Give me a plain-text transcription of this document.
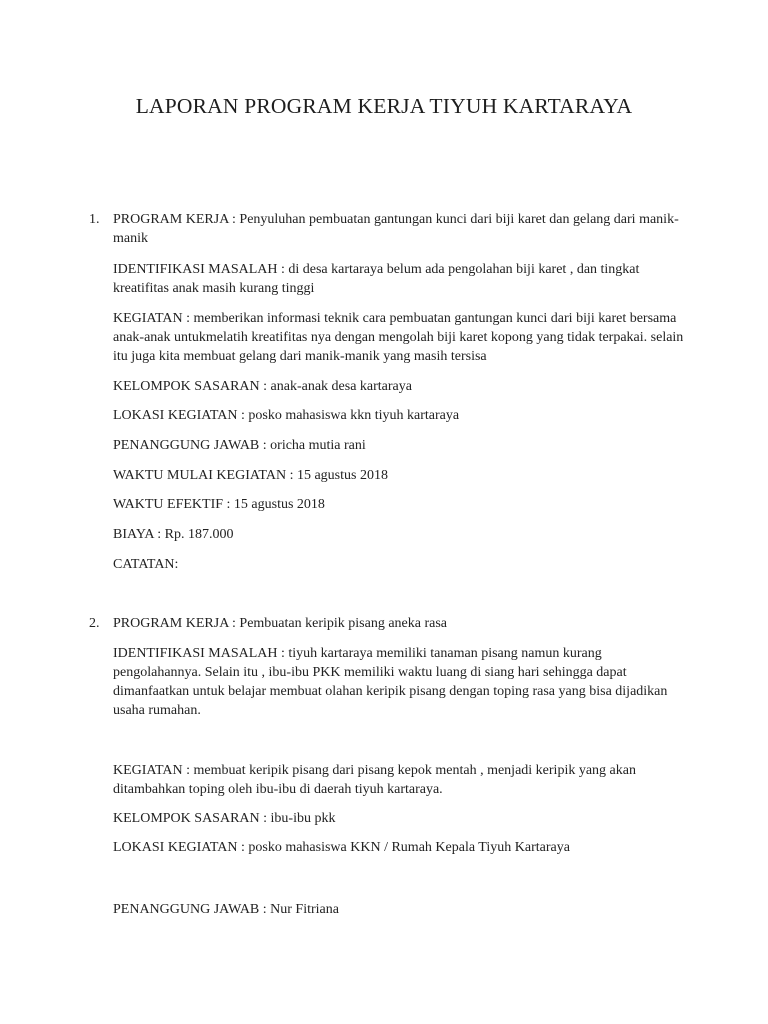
LAPORAN PROGRAM KERJA TIYUH KARTARAYA
1. PROGRAM KERJA : Penyuluhan pembuatan gantungan kunci dari biji karet dan gelang dari manik-manik

IDENTIFIKASI MASALAH : di desa kartaraya belum ada pengolahan biji karet , dan tingkat kreatifitas anak masih kurang tinggi

KEGIATAN : memberikan informasi teknik cara pembuatan gantungan kunci dari biji karet bersama anak-anak untukmelatih kreatifitas nya dengan mengolah biji karet kopong yang tidak terpakai. selain itu juga kita membuat gelang dari manik-manik yang masih tersisa

KELOMPOK SASARAN : anak-anak desa kartaraya

LOKASI KEGIATAN : posko mahasiswa kkn tiyuh kartaraya

PENANGGUNG JAWAB : oricha mutia rani

WAKTU MULAI KEGIATAN : 15 agustus 2018

WAKTU EFEKTIF : 15 agustus 2018

BIAYA : Rp. 187.000

CATATAN:

2. PROGRAM KERJA : Pembuatan keripik pisang aneka rasa

IDENTIFIKASI MASALAH : tiyuh kartaraya memiliki tanaman pisang namun kurang pengolahannya. Selain itu , ibu-ibu PKK memiliki waktu luang di siang hari sehingga dapat dimanfaatkan untuk belajar membuat olahan keripik pisang dengan toping rasa yang bisa dijadikan usaha rumahan.

KEGIATAN : membuat keripik pisang dari pisang kepok mentah , menjadi keripik yang akan ditambahkan toping oleh ibu-ibu di daerah tiyuh kartaraya.

KELOMPOK SASARAN : ibu-ibu pkk

LOKASI KEGIATAN : posko mahasiswa KKN / Rumah Kepala Tiyuh Kartaraya

PENANGGUNG JAWAB : Nur Fitriana
